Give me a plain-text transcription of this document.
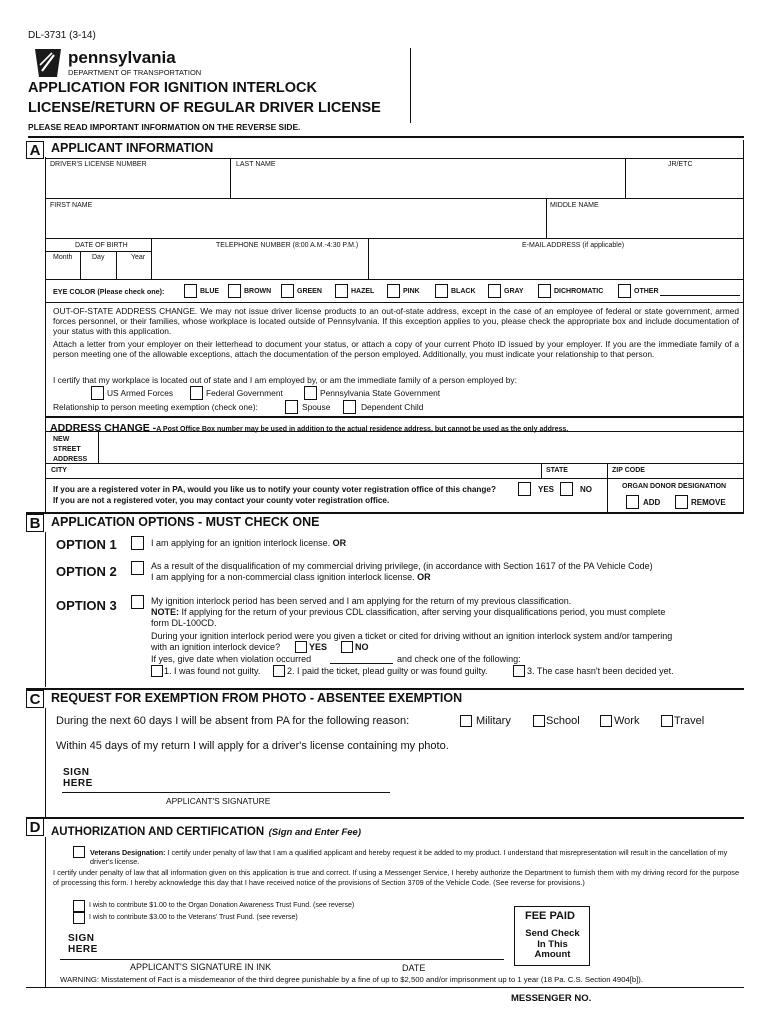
DL-3731 (3-14)
pennsylvania
DEPARTMENT OF TRANSPORTATION
APPLICATION FOR IGNITION INTERLOCK
LICENSE/RETURN OF REGULAR DRIVER LICENSE
PLEASE READ IMPORTANT INFORMATION ON THE REVERSE SIDE.
A APPLICANT INFORMATION
DRIVER'S LICENSE NUMBER	LAST NAME	JR/ETC
FIRST NAME	MIDDLE NAME
DATE OF BIRTH
Month	Day	Year
TELEPHONE NUMBER (8:00 A.M.-4:30 P.M.)	E-MAIL ADDRESS (if applicable)
EYE COLOR (Please check one):	BLUE	BROWN	GREEN	HAZEL	PINK	BLACK	GRAY	DICHROMATIC	OTHER
OUT-OF-STATE ADDRESS CHANGE. We may not issue driver license products to an out-of-state address, except in the case of an employee of federal or state government, armed forces personnel, or their families, whose workplace is located outside of Pennsylvania. If this exception applies to you, please check the appropriate box and include documentation of your status with this application.
Attach a letter from your employer on their letterhead to document your status, or attach a copy of your current Photo ID issued by your employer. If you are the immediate family of a person meeting one of the allowable exceptions, attach the documentation of the person employed. Additionally, you must indicate your relationship to that person.
I certify that my workplace is located out of state and I am employed by, or am the immediate family of a person employed by:
US Armed Forces	Federal Government	Pennsylvania State Government
Relationship to person meeting exemption (check one):	Spouse	Dependent Child
ADDRESS CHANGE -A Post Office Box number may be used in addition to the actual residence address, but cannot be used as the only address.
NEW
STREET
ADDRESS
CITY	STATE	ZIP CODE
If you are a registered voter in PA, would you like us to notify your county voter registration office of this change?
If you are not a registered voter, you may contact your county voter registration office.
YES	NO	ORGAN DONOR DESIGNATION
ADD	REMOVE
B APPLICATION OPTIONS - MUST CHECK ONE
OPTION 1	I am applying for an ignition interlock license. OR
OPTION 2	As a result of the disqualification of my commercial driving privilege, (in accordance with Section 1617 of the PA Vehicle Code)
I am applying for a non-commercial class ignition interlock license. OR
OPTION 3	My ignition interlock period has been served and I am applying for the return of my previous classification.
NOTE: If applying for the return of your previous CDL classification, after serving your disqualifications period, you must complete
form DL-100CD.
During your ignition interlock period were you given a ticket or cited for driving without an ignition interlock system and/or tampering
with an ignition interlock device?	YES	NO
If yes, give date when violation occurred	and check one of the following:
1. I was found not guilty.	2. I paid the ticket, plead guilty or was found guilty.	3. The case hasn't been decided yet.
C REQUEST FOR EXEMPTION FROM PHOTO - ABSENTEE EXEMPTION
During the next 60 days I will be absent from PA for the following reason:	Military	School	Work	Travel
Within 45 days of my return I will apply for a driver's license containing my photo.
SIGN
HERE
APPLICANT'S SIGNATURE
D AUTHORIZATION AND CERTIFICATION (Sign and Enter Fee)
Veterans Designation: I certify under penalty of law that I am a qualified applicant and hereby request it be added to my product. I understand that misrepresentation will result in the cancellation of my driver's license.
I certify under penalty of law that all information given on this application is true and correct. If using a Messenger Service, I hereby authorize the Department to furnish them with my driving record for the purpose of processing this form. I hereby acknowledge this day that I have received notice of the provisions of Section 3709 of the Vehicle Code. (See reverse for provisions.)
I wish to contribute $1.00 to the Organ Donation Awareness Trust Fund. (see reverse)
I wish to contribute $3.00 to the Veterans' Trust Fund. (see reverse)	FEE PAID
Send Check
In This
Amount
SIGN
HERE
APPLICANT'S SIGNATURE IN INK	DATE
WARNING: Misstatement of Fact is a misdemeanor of the third degree punishable by a fine of up to $2,500 and/or imprisonment up to 1 year (18 Pa. C.S. Section 4904[b]).
MESSENGER NO.
